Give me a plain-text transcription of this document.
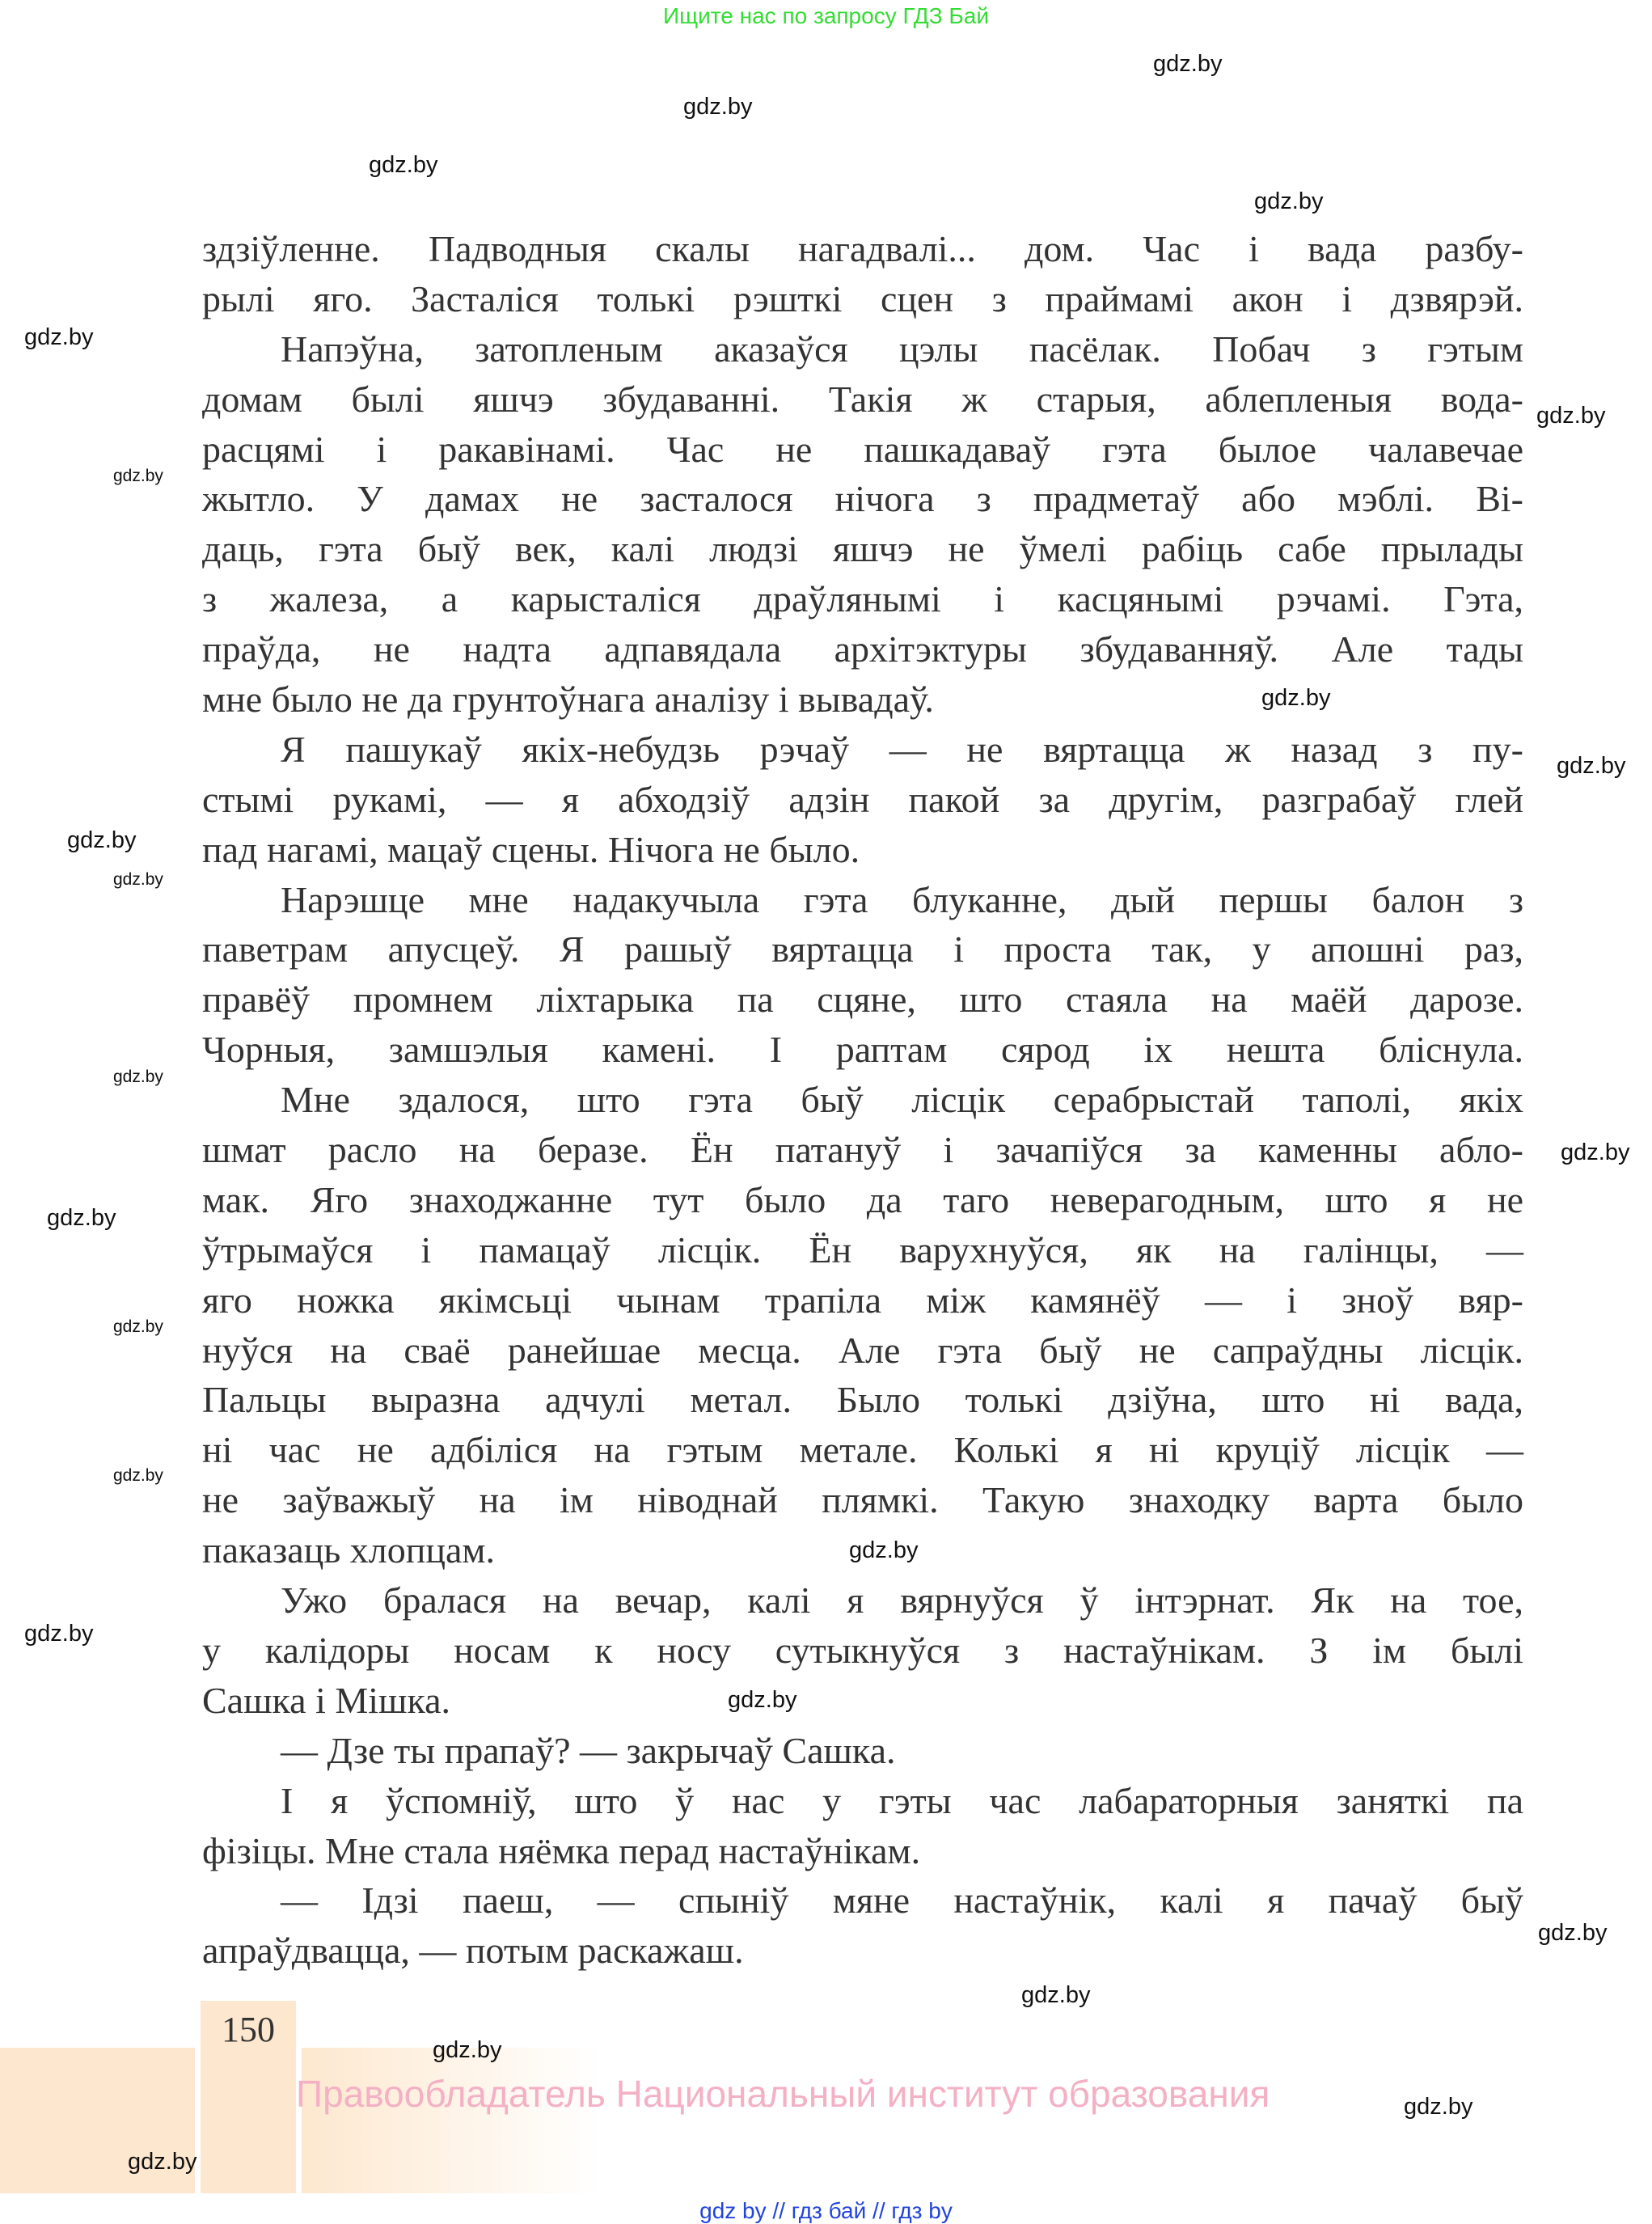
Ищите нас по запросу ГДЗ Бай
здзіўленне. Падводныя скалы нагадвалі... дом. Час і вада разбу-
рылі яго. Засталіся толькі рэшткі сцен з праймамі акон і дзвярэй.
Напэўна, затопленым аказаўся цэлы пасёлак. Побач з гэтым
домам былі яшчэ збудаванні. Такія ж старыя, аблепленыя вода-
расцямі і ракавінамі. Час не пашкадаваў гэта былое чалавечае
жытло. У дамах не засталося нічога з прадметаў або мэблі. Ві-
даць, гэта быў век, калі людзі яшчэ не ўмелі рабіць сабе прылады
з жалеза, а карысталіся драўлянымі і касцянымі рэчамі. Гэта,
праўда, не надта адпавядала архітэктуры збудаванняў. Але тады
мне было не да грунтоўнага аналізу і вывадаў.
Я пашукаў якіх-небудзь рэчаў — не вяртацца ж назад з пу-
стымі рукамі, — я абходзіў адзін пакой за другім, разграбаў глей
пад нагамі, мацаў сцены. Нічога не было.
Нарэшце мне надакучыла гэта блуканне, дый першы балон з
паветрам апусцеў. Я рашыў вяртацца і проста так, у апошні раз,
правёў промнем ліхтарыка па сцяне, што стаяла на маёй дарозе.
Чорныя, замшэлыя камені. І раптам сярод іх нешта бліснула.
Мне здалося, што гэта быў лісцік серабрыстай таполі, якіх
шмат расло на беразе. Ён патануў і зачапіўся за каменны абло-
мак. Яго знаходжанне тут было да таго неверагодным, што я не
ўтрымаўся і памацаў лісцік. Ён варухнуўся, як на галінцы, —
яго ножка якімсьці чынам трапіла між камянёў — і зноў вяр-
нуўся на сваё ранейшае месца. Але гэта быў не сапраўдны лісцік.
Пальцы выразна адчулі метал. Было толькі дзіўна, што ні вада,
ні час не адбіліся на гэтым метале. Колькі я ні круціў лісцік —
не заўважыў на ім ніводнай плямкі. Такую знаходку варта было
паказаць хлопцам.
Ужо бралася на вечар, калі я вярнуўся ў інтэрнат. Як на тое,
у калідоры носам к носу сутыкнуўся з настаўнікам. З ім былі
Сашка і Мішка.
— Дзе ты прапаў? — закрычаў Сашка.
І я ўспомніў, што ў нас у гэты час лабараторныя заняткі па
фізіцы. Мне стала няёмка перад настаўнікам.
— Ідзі паеш, — спыніў мяне настаўнік, калі я пачаў быў
апраўдвацца, — потым раскажаш.
150
Правообладатель Национальный институт образования
gdz by // гдз бай // гдз by
gdz.by
gdz.by
gdz.by
gdz.by
gdz.by
gdz.by
gdz.by
gdz.by
gdz.by
gdz.by
gdz.by
gdz.by
gdz.by
gdz.by
gdz.by
gdz.by
gdz.by
gdz.by
gdz.by
gdz.by
gdz.by
gdz.by
gdz.by
gdz.by
